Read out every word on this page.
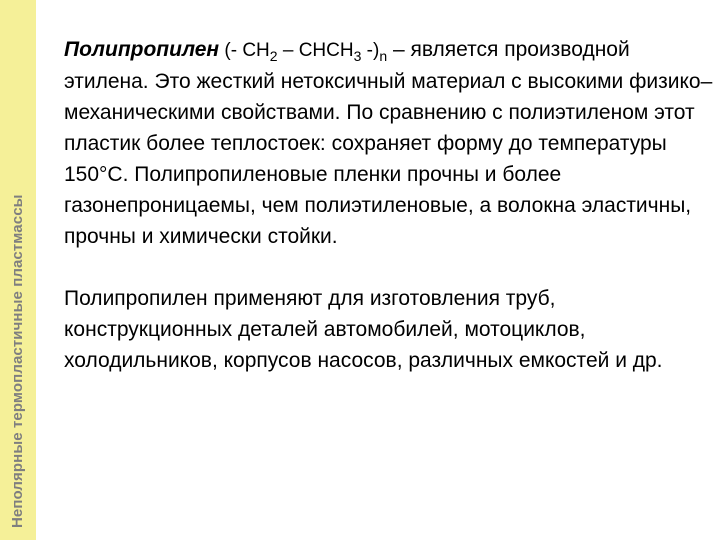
Неполярные термопластичные пластмассы

Полипропилен (- $CH_2$ – $CHCH_3$ $-)_n$ – является производной этилена. Это жесткий нетоксичный материал с высокими физико–механическими свойствами. По сравнению с полиэтиленом этот пластик более теплостоек: сохраняет форму до температуры 150°С. Полипропиленовые пленки прочны и более газонепроницаемы, чем полиэтиленовые, а волокна эластичны, прочны и химически стойки.

Полипропилен применяют для изготовления труб, конструкционных деталей автомобилей, мотоциклов, холодильников, корпусов насосов, различных емкостей и др.
